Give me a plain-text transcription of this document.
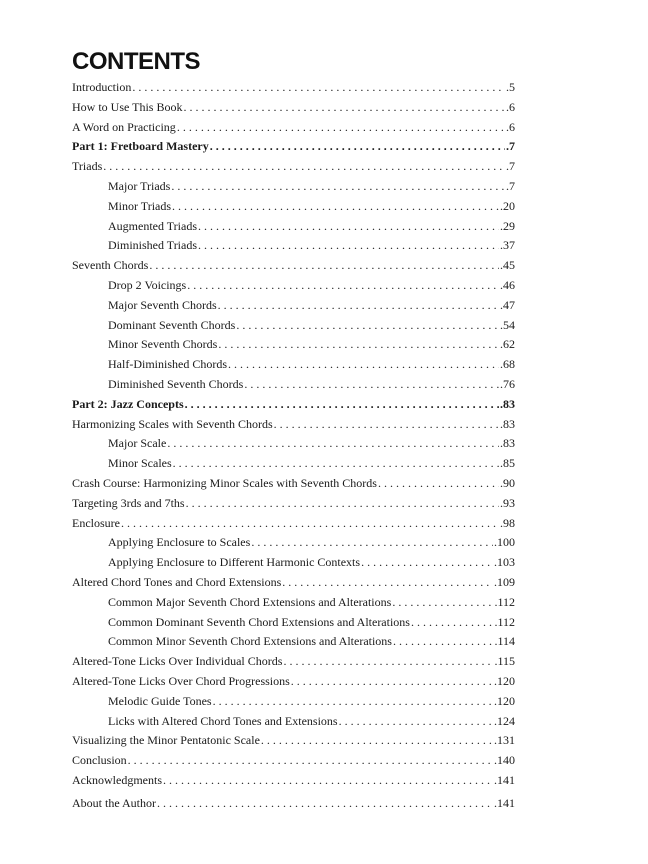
CONTENTS
Introduction . . .	.5
How to Use This Book . . .	.6
A Word on Practicing . . .	.6
Part 1: Fretboard Mastery . . .	.7
Triads . . .	.7
Major Triads . . .	.7
Minor Triads . . .	.20
Augmented Triads . . .	.29
Diminished Triads . . .	.37
Seventh Chords . . .	.45
Drop 2 Voicings . . .	.46
Major Seventh Chords . . .	.47
Dominant Seventh Chords . . .	.54
Minor Seventh Chords . . .	.62
Half-Diminished Chords . . .	.68
Diminished Seventh Chords . . .	.76
Part 2: Jazz Concepts . . .	.83
Harmonizing Scales with Seventh Chords . . .	.83
Major Scale . . .	.83
Minor Scales . . .	.85
Crash Course: Harmonizing Minor Scales with Seventh Chords . . .	.90
Targeting 3rds and 7ths . . .	.93
Enclosure . . .	.98
Applying Enclosure to Scales . . .	.100
Applying Enclosure to Different Harmonic Contexts . . .	.103
Altered Chord Tones and Chord Extensions . . .	.109
Common Major Seventh Chord Extensions and Alterations . . .	.112
Common Dominant Seventh Chord Extensions and Alterations . . .	.112
Common Minor Seventh Chord Extensions and Alterations . . .	.114
Altered-Tone Licks Over Individual Chords . . .	.115
Altered-Tone Licks Over Chord Progressions . . .	.120
Melodic Guide Tones . . .	.120
Licks with Altered Chord Tones and Extensions . . .	.124
Visualizing the Minor Pentatonic Scale . . .	.131
Conclusion . . .	.140
Acknowledgments . . .	.141
About the Author . . .	.141
